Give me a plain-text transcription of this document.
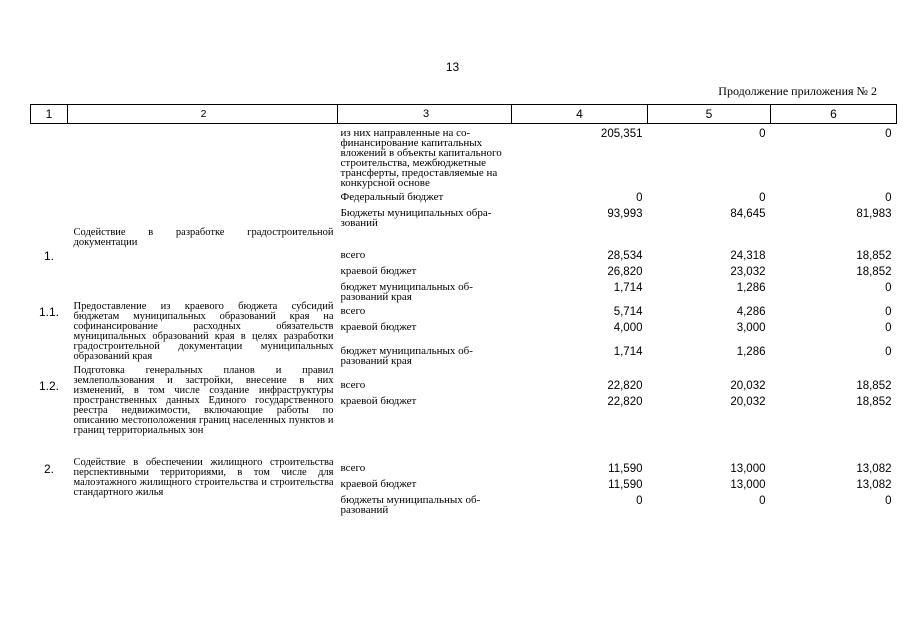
13
Продолжение приложения № 2
1	2	3	4	5	6
		из них направленные на софинансирование капитальных вложений в объекты капитального строительства, межбюджетные трансферты, предоставляемые на конкурсной основе	205,351	0	0
		Федеральный бюджет	0	0	0
		Бюджеты муниципальных образований	93,993	84,645	81,983
1.	Содействие в разработке градостроительной документации	всего	28,534	24,318	18,852
		краевой бюджет	26,820	23,032	18,852
		бюджет муниципальных образований края	1,714	1,286	0
1.1.	Предоставление из краевого бюджета субсидий бюджетам муниципальных образований края на софинансирование расходных обязательств муниципальных образований края в целях разработки градостроительной документации муниципальных образований края	всего	5,714	4,286	0
		краевой бюджет	4,000	3,000	0
		бюджет муниципальных образований края	1,714	1,286	0
1.2.	Подготовка генеральных планов и правил землепользования и застройки, внесение в них изменений, в том числе создание инфраструктуры пространственных данных Единого государственного реестра недвижимости, включающие работы по описанию местоположения границ населенных пунктов и границ территориальных зон	всего	22,820	20,032	18,852
		краевой бюджет	22,820	20,032	18,852
2.	Содействие в обеспечении жилищного строительства перспективными территориями, в том числе для малоэтажного жилищного строительства и строительства стандартного жилья	всего	11,590	13,000	13,082
		краевой бюджет	11,590	13,000	13,082
		бюджеты муниципальных образований	0	0	0
